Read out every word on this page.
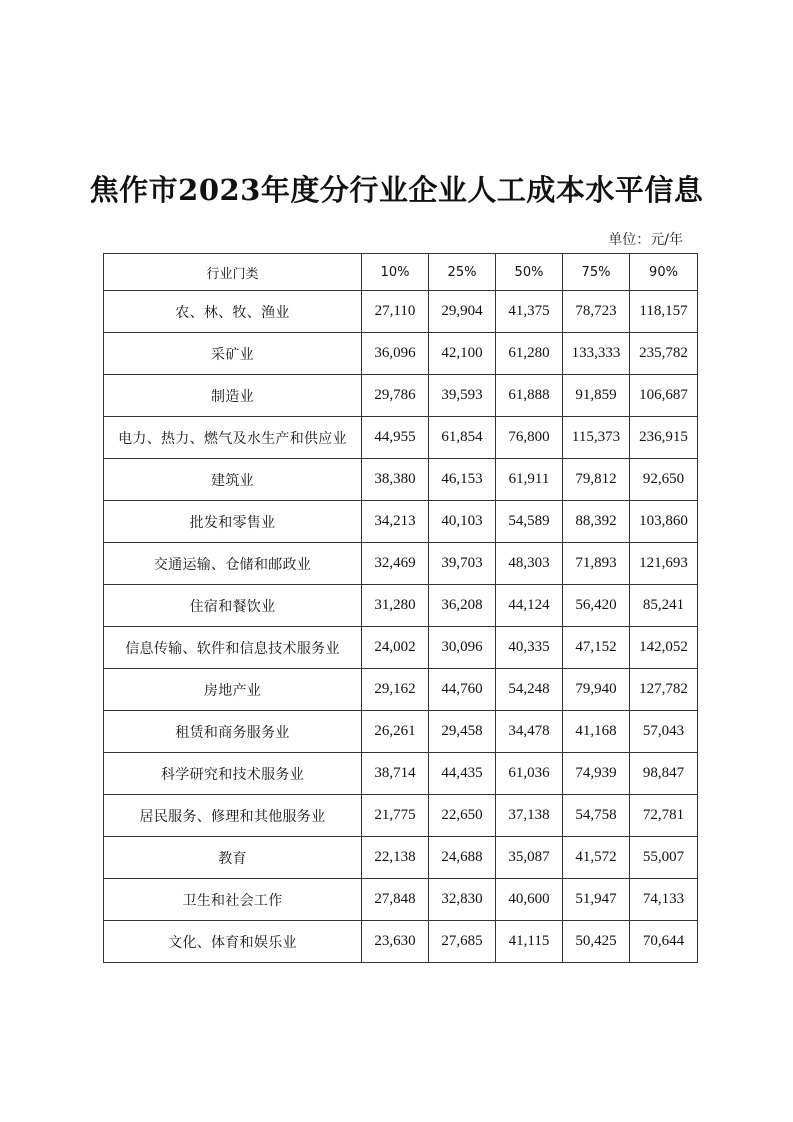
焦作市2023年度分行业企业人工成本水平信息
单位：元/年
行业门类	10%	25%	50%	75%	90%
农、林、牧、渔业	27,110	29,904	41,375	78,723	118,157
采矿业	36,096	42,100	61,280	133,333	235,782
制造业	29,786	39,593	61,888	91,859	106,687
电力、热力、燃气及水生产和供应业	44,955	61,854	76,800	115,373	236,915
建筑业	38,380	46,153	61,911	79,812	92,650
批发和零售业	34,213	40,103	54,589	88,392	103,860
交通运输、仓储和邮政业	32,469	39,703	48,303	71,893	121,693
住宿和餐饮业	31,280	36,208	44,124	56,420	85,241
信息传输、软件和信息技术服务业	24,002	30,096	40,335	47,152	142,052
房地产业	29,162	44,760	54,248	79,940	127,782
租赁和商务服务业	26,261	29,458	34,478	41,168	57,043
科学研究和技术服务业	38,714	44,435	61,036	74,939	98,847
居民服务、修理和其他服务业	21,775	22,650	37,138	54,758	72,781
教育	22,138	24,688	35,087	41,572	55,007
卫生和社会工作	27,848	32,830	40,600	51,947	74,133
文化、体育和娱乐业	23,630	27,685	41,115	50,425	70,644
